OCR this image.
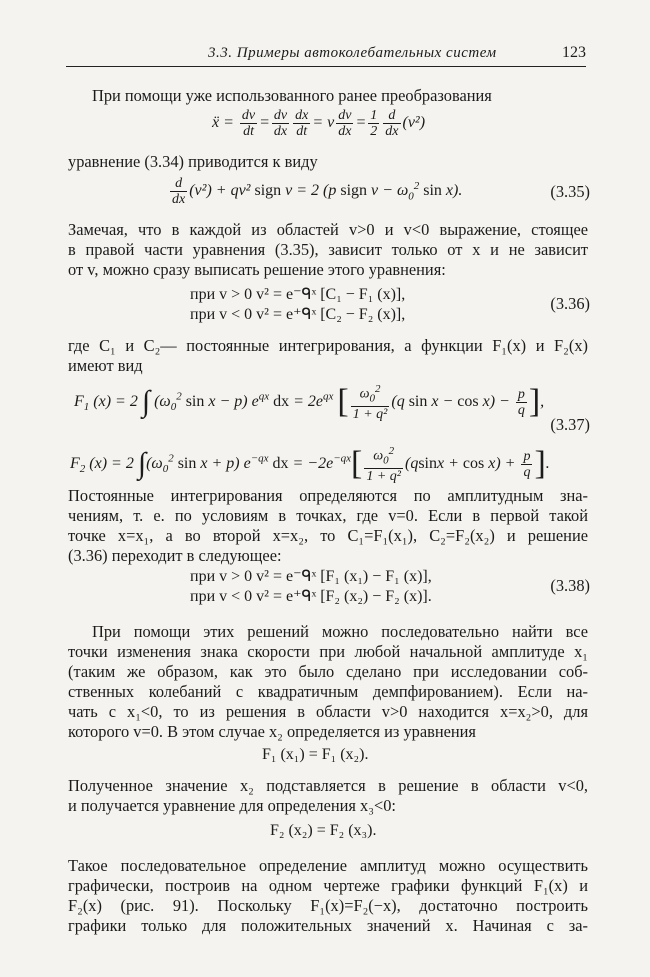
3.3. Примеры автоколебательных систем	123
При помощи уже использованного ранее преобразования
ẍ = $\frac{dv}{dt} = \frac{dv}{dx} \frac{dx}{dt} = v \frac{dv}{dx} = \frac{1}{2} \frac{d}{dx} (v^2)$
уравнение (3.34) приводится к виду
$\frac{d}{dx} (v^2) + qv^2$ sign v = 2 (p sign $v - \omega_0^2$ sin x).	(3.35)
Замечая, что в каждой из областей v>0 и v<0 выражение, стоящее
в правой части уравнения (3.35), зависит только от x и не зависит
от v, можно сразу выписать решение этого уравнения:
при v > 0 v² = e⁻ᑫˣ [C₁ − F₁ (x)],
при v < 0 v² = e⁺ᑫˣ [C₂ − F₂ (x)],
(3.36)
где C₁ и C₂— постоянные интегрирования, а функции F₁(x) и F₂(x)
имеют вид
$F_1$ (x) = 2 ∫ ($\omega_0^2$ sin x − p) $e^{qx}$ dx = $2e^{qx}$ [ $\frac{\omega_0^2}{\text{1 + q²}} (q$ $\sin x - \cos x) - \frac{p}{q}$ ],
(3.37)
$F_2$ (x) = 2 $\int(\omega_0^2$ sin x + p) $e^{-qx}$ dx = $-2e^{-qx}[ \frac{\omega_0^2}{\text{1 + q²}} (qsinx + \cos x) + \frac{p}{q}$ ].
Постоянные интегрирования определяются по амплитудным зна-
чениям, т. е. по условиям в точках, где v=0. Если в первой такой
точке x=x₁, а во второй x=x₂, то C₁=F₁(x₁), C₂=F₂(x₂) и решение
(3.36) переходит в следующее:
при v > 0 v² = e⁻ᑫˣ [F₁ (x₁) − F₁ (x)],
при v < 0 v² = e⁺ᑫˣ [F₂ (x₂) − F₂ (x)].
(3.38)
При помощи этих решений можно последовательно найти все
точки изменения знака скорости при любой начальной амплитуде x₁
(таким же образом, как это было сделано при исследовании соб-
ственных колебаний с квадратичным демпфированием). Если на-
чать с x₁<0, то из решения в области v>0 находится x=x₂>0, для
которого v=0. В этом случае x₂ определяется из уравнения
F₁ (x₁) = F₁ (x₂).
Полученное значение x₂ подставляется в решение в области v<0,
и получается уравнение для определения x₃<0:
F₂ (x₂) = F₂ (x₃).
Такое последовательное определение амплитуд можно осуществить
графически, построив на одном чертеже графики функций F₁(x) и
F₂(x) (рис. 91). Поскольку F₁(x)=F₂(−x), достаточно построить
графики только для положительных значений x. Начиная с за-
